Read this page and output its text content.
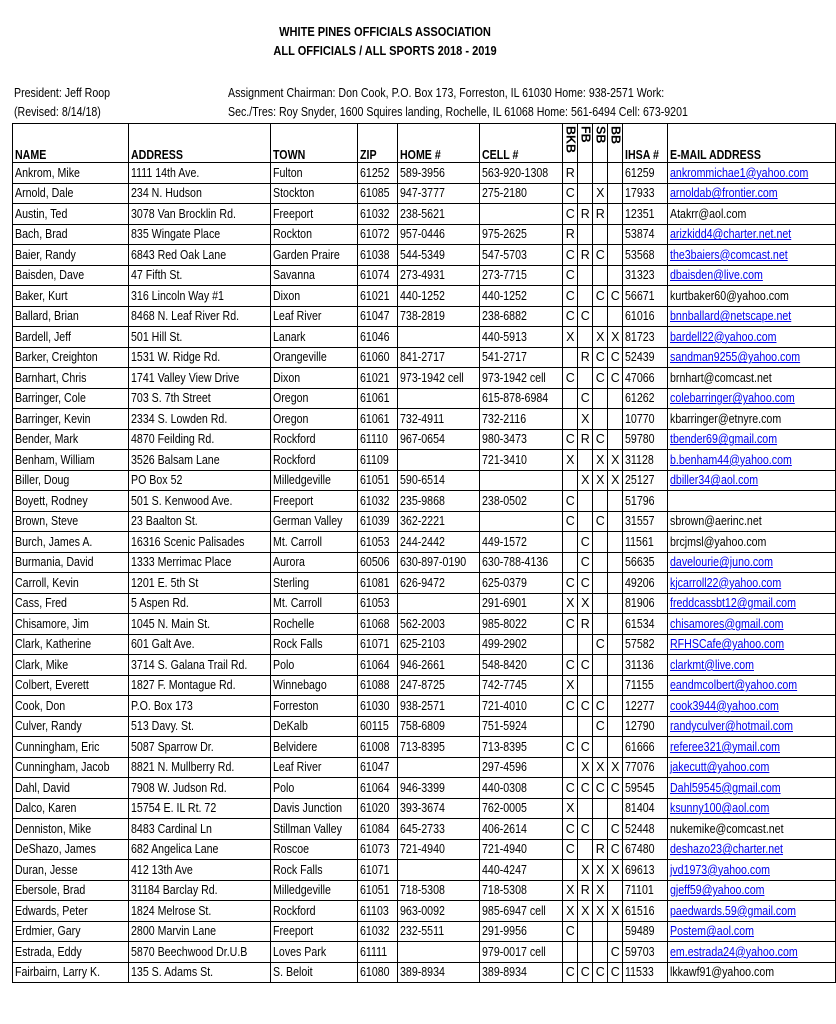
WHITE PINES OFFICIALS ASSOCIATION
ALL OFFICIALS / ALL SPORTS 2018 - 2019
President: Jeff Roop
(Revised: 8/14/18)
Assignment Chairman: Don Cook, P.O. Box 173, Forreston, IL 61030 Home: 938-2571 Work:
Sec./Tres: Roy Snyder, 1600 Squires landing, Rochelle, IL 61068 Home: 561-6494 Cell: 673-9201
NAME	ADDRESS	TOWN	ZIP	HOME #	CELL #	BKB	FB	SB	BB	IHSA #	E-MAIL ADDRESS
Ankrom, Mike	1111 14th Ave.	Fulton	61252	589-3956	563-920-1308	R				61259	ankrommichae1@yahoo.com
Arnold, Dale	234 N. Hudson	Stockton	61085	947-3777	275-2180	C		X		17933	arnoldab@frontier.com
Austin, Ted	3078 Van Brocklin Rd.	Freeport	61032	238-5621		C	R	R		12351	Atakrr@aol.com
Bach, Brad	835 Wingate Place	Rockton	61072	957-0446	975-2625	R				53874	arizkidd4@charter.net.net
Baier, Randy	6843 Red Oak Lane	Garden Praire	61038	544-5349	547-5703	C	R	C		53568	the3baiers@comcast.net
Baisden, Dave	47 Fifth St.	Savanna	61074	273-4931	273-7715	C				31323	dbaisden@live.com
Baker, Kurt	316 Lincoln Way #1	Dixon	61021	440-1252	440-1252	C		C	C	56671	kurtbaker60@yahoo.com
Ballard, Brian	8468 N. Leaf River Rd.	Leaf River	61047	738-2819	238-6882	C	C			61016	bnnballard@netscape.net
Bardell, Jeff	501 Hill St.	Lanark	61046		440-5913	X		X	X	81723	bardell22@yahoo.com
Barker, Creighton	1531 W. Ridge Rd.	Orangeville	61060	841-2717	541-2717		R	C	C	52439	sandman9255@yahoo.com
Barnhart, Chris	1741 Valley View Drive	Dixon	61021	973-1942 cell	973-1942 cell	C		C	C	47066	brnhart@comcast.net
Barringer, Cole	703 S. 7th Street	Oregon	61061		615-878-6984		C			61262	colebarringer@yahoo.com
Barringer, Kevin	2334 S. Lowden Rd.	Oregon	61061	732-4911	732-2116		X			10770	kbarringer@etnyre.com
Bender, Mark	4870 Feilding Rd.	Rockford	61110	967-0654	980-3473	C	R	C		59780	tbender69@gmail.com
Benham, William	3526 Balsam Lane	Rockford	61109		721-3410	X		X	X	31128	b.benham44@yahoo.com
Biller, Doug	PO Box 52	Milledgeville	61051	590-6514			X	X	X	25127	dbiller34@aol.com
Boyett, Rodney	501 S. Kenwood Ave.	Freeport	61032	235-9868	238-0502	C				51796	
Brown, Steve	23 Baalton St.	German Valley	61039	362-2221		C		C		31557	sbrown@aerinc.net
Burch, James A.	16316 Scenic Palisades	Mt. Carroll	61053	244-2442	449-1572		C			11561	brcjmsl@yahoo.com
Burmania, David	1333 Merrimac Place	Aurora	60506	630-897-0190	630-788-4136		C			56635	davelourie@juno.com
Carroll, Kevin	1201 E. 5th St	Sterling	61081	626-9472	625-0379	C	C			49206	kjcarroll22@yahoo.com
Cass, Fred	5 Aspen Rd.	Mt. Carroll	61053		291-6901	X	X			81906	freddcassbt12@gmail.com
Chisamore, Jim	1045 N. Main St.	Rochelle	61068	562-2003	985-8022	C	R			61534	chisamores@gmail.com
Clark, Katherine	601 Galt Ave.	Rock Falls	61071	625-2103	499-2902			C		57582	RFHSCafe@yahoo.com
Clark, Mike	3714 S. Galana Trail Rd.	Polo	61064	946-2661	548-8420	C	C			31136	clarkmt@live.com
Colbert, Everett	1827 F. Montague Rd.	Winnebago	61088	247-8725	742-7745	X				71155	eandmcolbert@yahoo.com
Cook, Don	P.O. Box 173	Forreston	61030	938-2571	721-4010	C	C	C		12277	cook3944@yahoo.com
Culver, Randy	513 Davy. St.	DeKalb	60115	758-6809	751-5924			C		12790	randyculver@hotmail.com
Cunningham, Eric	5087 Sparrow Dr.	Belvidere	61008	713-8395	713-8395	C	C			61666	referee321@ymail.com
Cunningham, Jacob	8821 N. Mullberry Rd.	Leaf River	61047		297-4596		X	X	X	77076	jakecutt@yahoo.com
Dahl, David	7908 W. Judson Rd.	Polo	61064	946-3399	440-0308	C	C	C	C	59545	Dahl59545@gmail.com
Dalco, Karen	15754 E. IL Rt. 72	Davis Junction	61020	393-3674	762-0005	X				81404	ksunny100@aol.com
Denniston, Mike	8483 Cardinal Ln	Stillman Valley	61084	645-2733	406-2614	C	C		C	52448	nukemike@comcast.net
DeShazo, James	682 Angelica Lane	Roscoe	61073	721-4940	721-4940	C		R	C	67480	deshazo23@charter.net
Duran, Jesse	412 13th Ave	Rock Falls	61071		440-4247		X	X	X	69613	jvd1973@yahoo.com
Ebersole, Brad	31184 Barclay Rd.	Milledgeville	61051	718-5308	718-5308	X	R	X		71101	gjeff59@yahoo.com
Edwards, Peter	1824 Melrose St.	Rockford	61103	963-0092	985-6947 cell	X	X	X	X	61516	paedwards.59@gmail.com
Erdmier, Gary	2800 Marvin Lane	Freeport	61032	232-5511	291-9956	C				59489	Postem@aol.com
Estrada, Eddy	5870 Beechwood Dr.U.B	Loves Park	61111		979-0017 cell				C	59703	em.estrada24@yahoo.com
Fairbairn, Larry K.	135 S. Adams St.	S. Beloit	61080	389-8934	389-8934	C	C	C	C	11533	lkkawf91@yahoo.com
